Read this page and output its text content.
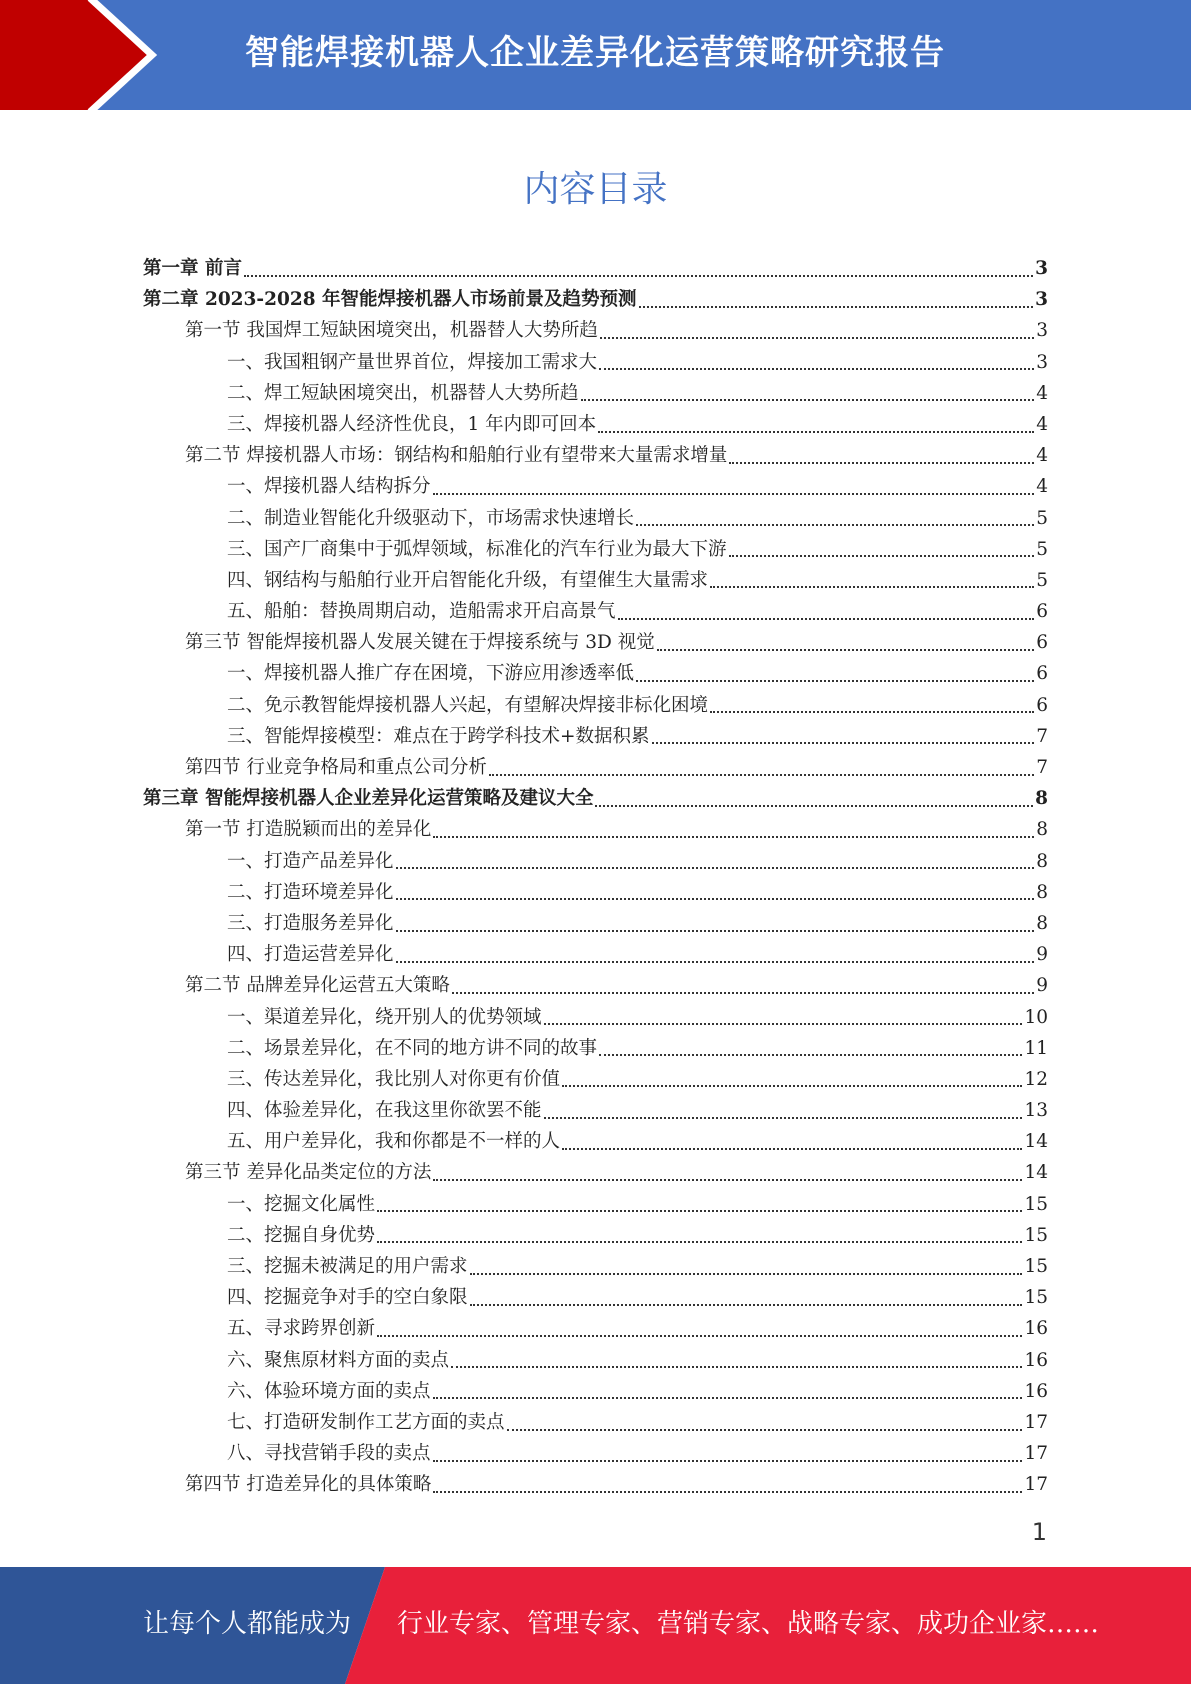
智能焊接机器人企业差异化运营策略研究报告
内容目录
第一章 前言	3
第二章 2023-2028 年智能焊接机器人市场前景及趋势预测	3
第一节 我国焊工短缺困境突出，机器替人大势所趋	3
一、我国粗钢产量世界首位，焊接加工需求大	3
二、焊工短缺困境突出，机器替人大势所趋	4
三、焊接机器人经济性优良，1 年内即可回本	4
第二节 焊接机器人市场：钢结构和船舶行业有望带来大量需求增量	4
一、焊接机器人结构拆分	4
二、制造业智能化升级驱动下，市场需求快速增长	5
三、国产厂商集中于弧焊领域，标准化的汽车行业为最大下游	5
四、钢结构与船舶行业开启智能化升级，有望催生大量需求	5
五、船舶：替换周期启动，造船需求开启高景气	6
第三节 智能焊接机器人发展关键在于焊接系统与 3D 视觉	6
一、焊接机器人推广存在困境，下游应用渗透率低	6
二、免示教智能焊接机器人兴起，有望解决焊接非标化困境	6
三、智能焊接模型：难点在于跨学科技术+数据积累	7
第四节 行业竞争格局和重点公司分析	7
第三章 智能焊接机器人企业差异化运营策略及建议大全	8
第一节 打造脱颖而出的差异化	8
一、打造产品差异化	8
二、打造环境差异化	8
三、打造服务差异化	8
四、打造运营差异化	9
第二节 品牌差异化运营五大策略	9
一、渠道差异化，绕开别人的优势领域	10
二、场景差异化，在不同的地方讲不同的故事	11
三、传达差异化，我比别人对你更有价值	12
四、体验差异化，在我这里你欲罢不能	13
五、用户差异化，我和你都是不一样的人	14
第三节 差异化品类定位的方法	14
一、挖掘文化属性	15
二、挖掘自身优势	15
三、挖掘未被满足的用户需求	15
四、挖掘竞争对手的空白象限	15
五、寻求跨界创新	16
六、聚焦原材料方面的卖点	16
六、体验环境方面的卖点	16
七、打造研发制作工艺方面的卖点	17
八、寻找营销手段的卖点	17
第四节 打造差异化的具体策略	17
1
让每个人都能成为 行业专家、管理专家、营销专家、战略专家、成功企业家……
